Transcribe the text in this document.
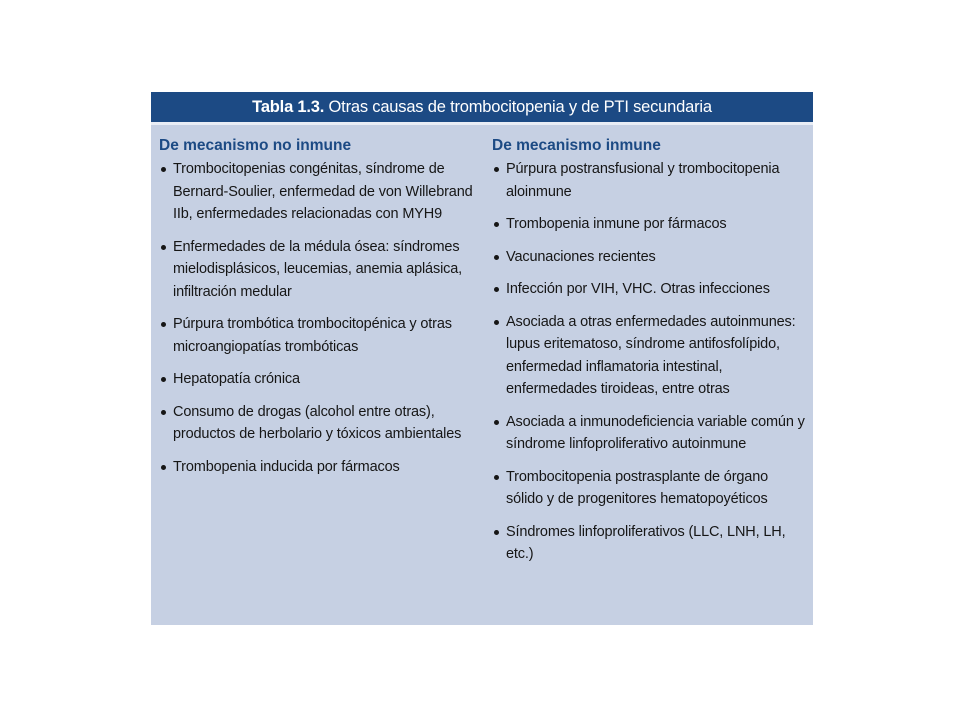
Tabla 1.3. Otras causas de trombocitopenia y de PTI secundaria
De mecanismo no inmune
Trombocitopenias congénitas, síndrome de Bernard-Soulier, enfermedad de von Willebrand IIb, enfermedades relacionadas con MYH9
Enfermedades de la médula ósea: síndromes mielodisplásicos, leucemias, anemia aplásica, infiltración medular
Púrpura trombótica trombocitopénica y otras microangiopatías trombóticas
Hepatopatía crónica
Consumo de drogas (alcohol entre otras), productos de herbolario y tóxicos ambientales
Trombopenia inducida por fármacos
De mecanismo inmune
Púrpura postransfusional y trombocitopenia aloinmune
Trombopenia inmune por fármacos
Vacunaciones recientes
Infección por VIH, VHC. Otras infecciones
Asociada a otras enfermedades autoinmunes: lupus eritematoso, síndrome antifosfolípido, enfermedad inflamatoria intestinal, enfermedades tiroideas, entre otras
Asociada a inmunodeficiencia variable común y síndrome linfoproliferativo autoinmune
Trombocitopenia postrasplante de órgano sólido y de progenitores hematopoyéticos
Síndromes linfoproliferativos (LLC, LNH, LH, etc.)
